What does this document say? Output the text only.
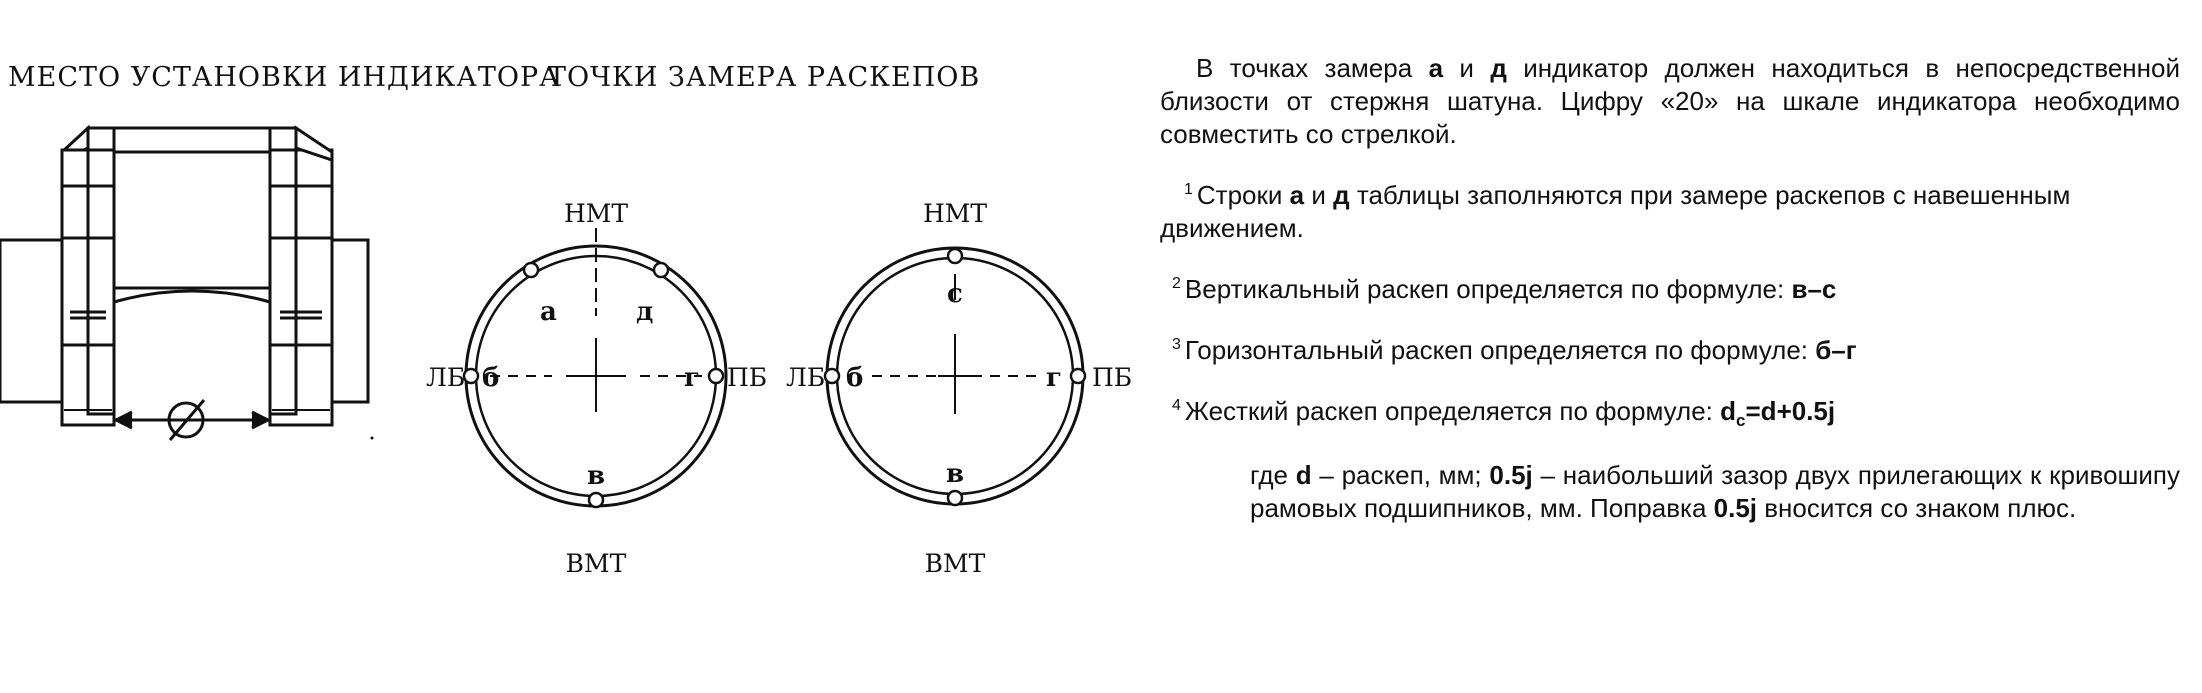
МЕСТО УСТАНОВКИ ИНДИКАТОРА
ТОЧКИ ЗАМЕРА РАСКЕПОВ
НМТ
ВМТ
ЛБ	ПБ
а	д
б	г
в
НМТ
ВМТ
ЛБ	ПБ
с
б	г
в

В точках замера а и д индикатор должен находиться в непосредственной близости от стержня шатуна. Цифру «20» на шкале индикатора необходимо совместить со стрелкой.

$^1$ Строки а и д таблицы заполняются при замере раскепов с навешенным движением.

$^2$ Вертикальный раскеп определяется по формуле: в–с

$^3$ Горизонтальный раскеп определяется по формуле: б–г

$^4$ Жесткий раскеп определяется по формуле: $d_c=d+0.5j$

где d – раскеп, мм; 0.5j – наибольший зазор двух прилегающих к кривошипу рамовых подшипников, мм. Поправка 0.5j вносится со знаком плюс.
